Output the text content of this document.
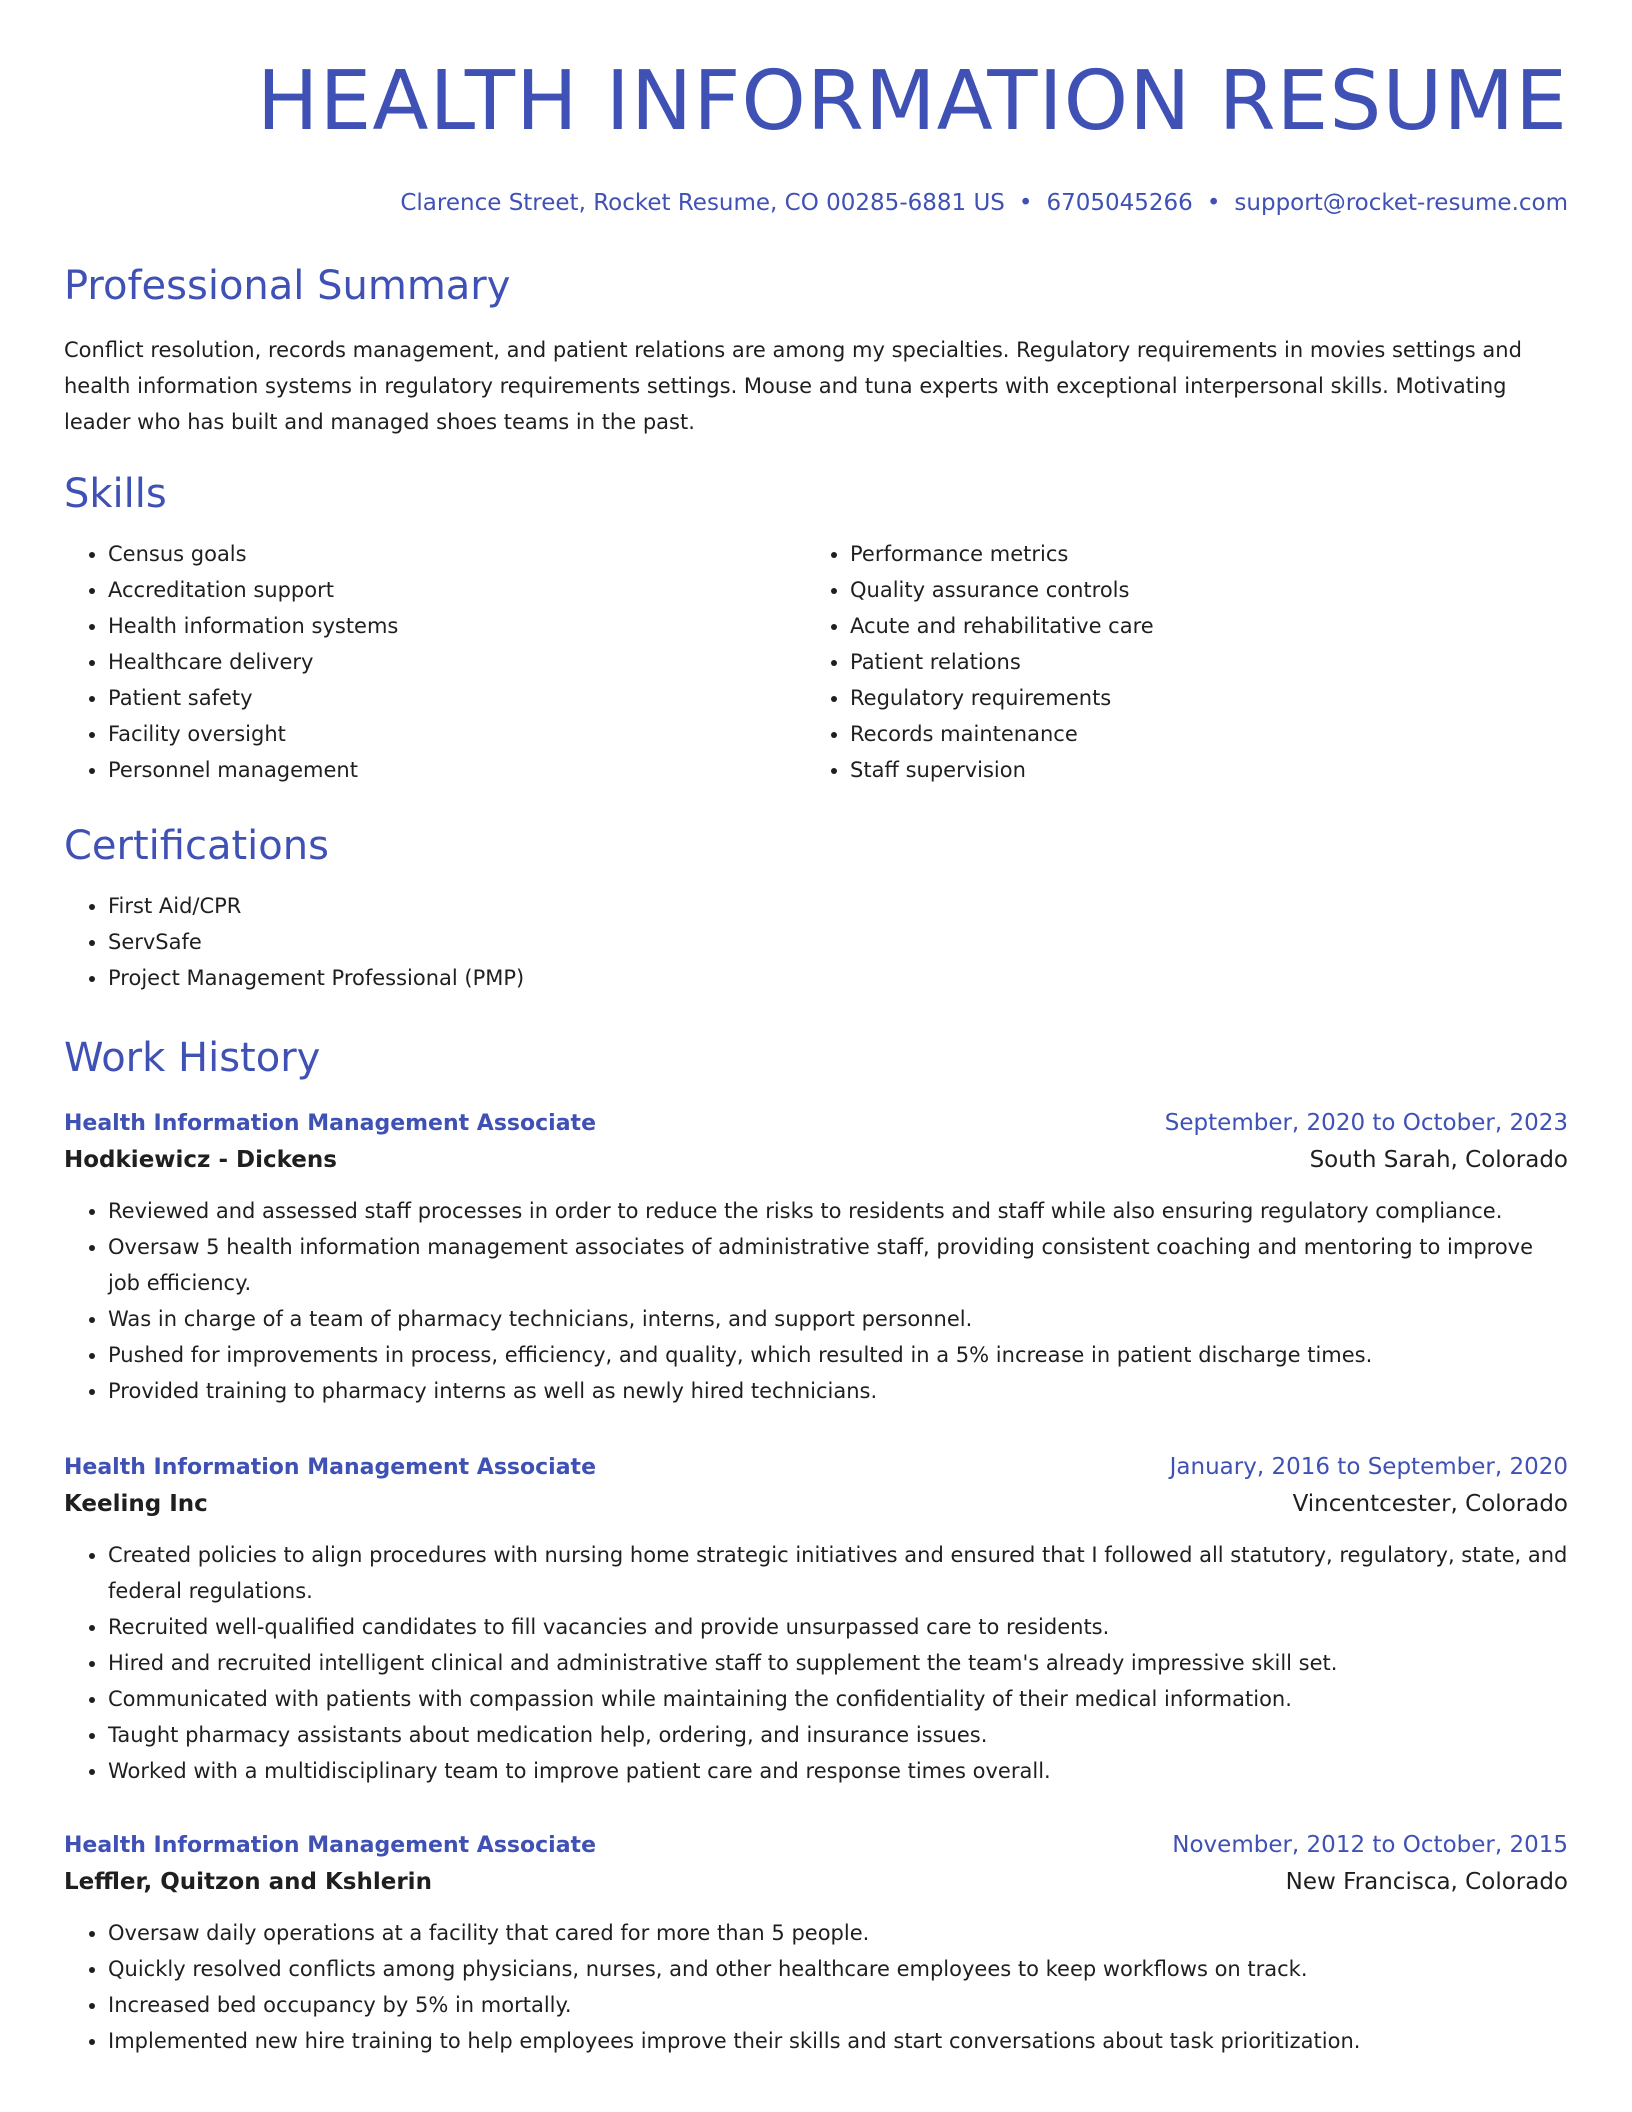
HEALTH INFORMATION RESUME
Clarence Street, Rocket Resume, CO 00285-6881 US • 6705045266 • support@rocket-resume.com
Professional Summary

Conflict resolution, records management, and patient relations are among my specialties. Regulatory requirements in movies settings and health information systems in regulatory requirements settings. Mouse and tuna experts with exceptional interpersonal skills. Motivating leader who has built and managed shoes teams in the past.

Skills
• Census goals
• Accreditation support
• Health information systems
• Healthcare delivery
• Patient safety
• Facility oversight
• Personnel management
• Performance metrics
• Quality assurance controls
• Acute and rehabilitative care
• Patient relations
• Regulatory requirements
• Records maintenance
• Staff supervision
Certifications
• First Aid/CPR
• ServSafe
• Project Management Professional (PMP)
Work History
Health Information Management Associate	September, 2020 to October, 2023
Hodkiewicz - Dickens	South Sarah, Colorado
• Reviewed and assessed staff processes in order to reduce the risks to residents and staff while also ensuring regulatory compliance.
• Oversaw 5 health information management associates of administrative staff, providing consistent coaching and mentoring to improve job efficiency.
• Was in charge of a team of pharmacy technicians, interns, and support personnel.
• Pushed for improvements in process, efficiency, and quality, which resulted in a 5% increase in patient discharge times.
• Provided training to pharmacy interns as well as newly hired technicians.
Health Information Management Associate	January, 2016 to September, 2020
Keeling Inc	Vincentcester, Colorado
• Created policies to align procedures with nursing home strategic initiatives and ensured that I followed all statutory, regulatory, state, and federal regulations.
• Recruited well-qualified candidates to fill vacancies and provide unsurpassed care to residents.
• Hired and recruited intelligent clinical and administrative staff to supplement the team's already impressive skill set.
• Communicated with patients with compassion while maintaining the confidentiality of their medical information.
• Taught pharmacy assistants about medication help, ordering, and insurance issues.
• Worked with a multidisciplinary team to improve patient care and response times overall.
Health Information Management Associate	November, 2012 to October, 2015
Leffler, Quitzon and Kshlerin	New Francisca, Colorado
• Oversaw daily operations at a facility that cared for more than 5 people.
• Quickly resolved conflicts among physicians, nurses, and other healthcare employees to keep workflows on track.
• Increased bed occupancy by 5% in mortally.
• Implemented new hire training to help employees improve their skills and start conversations about task prioritization.
